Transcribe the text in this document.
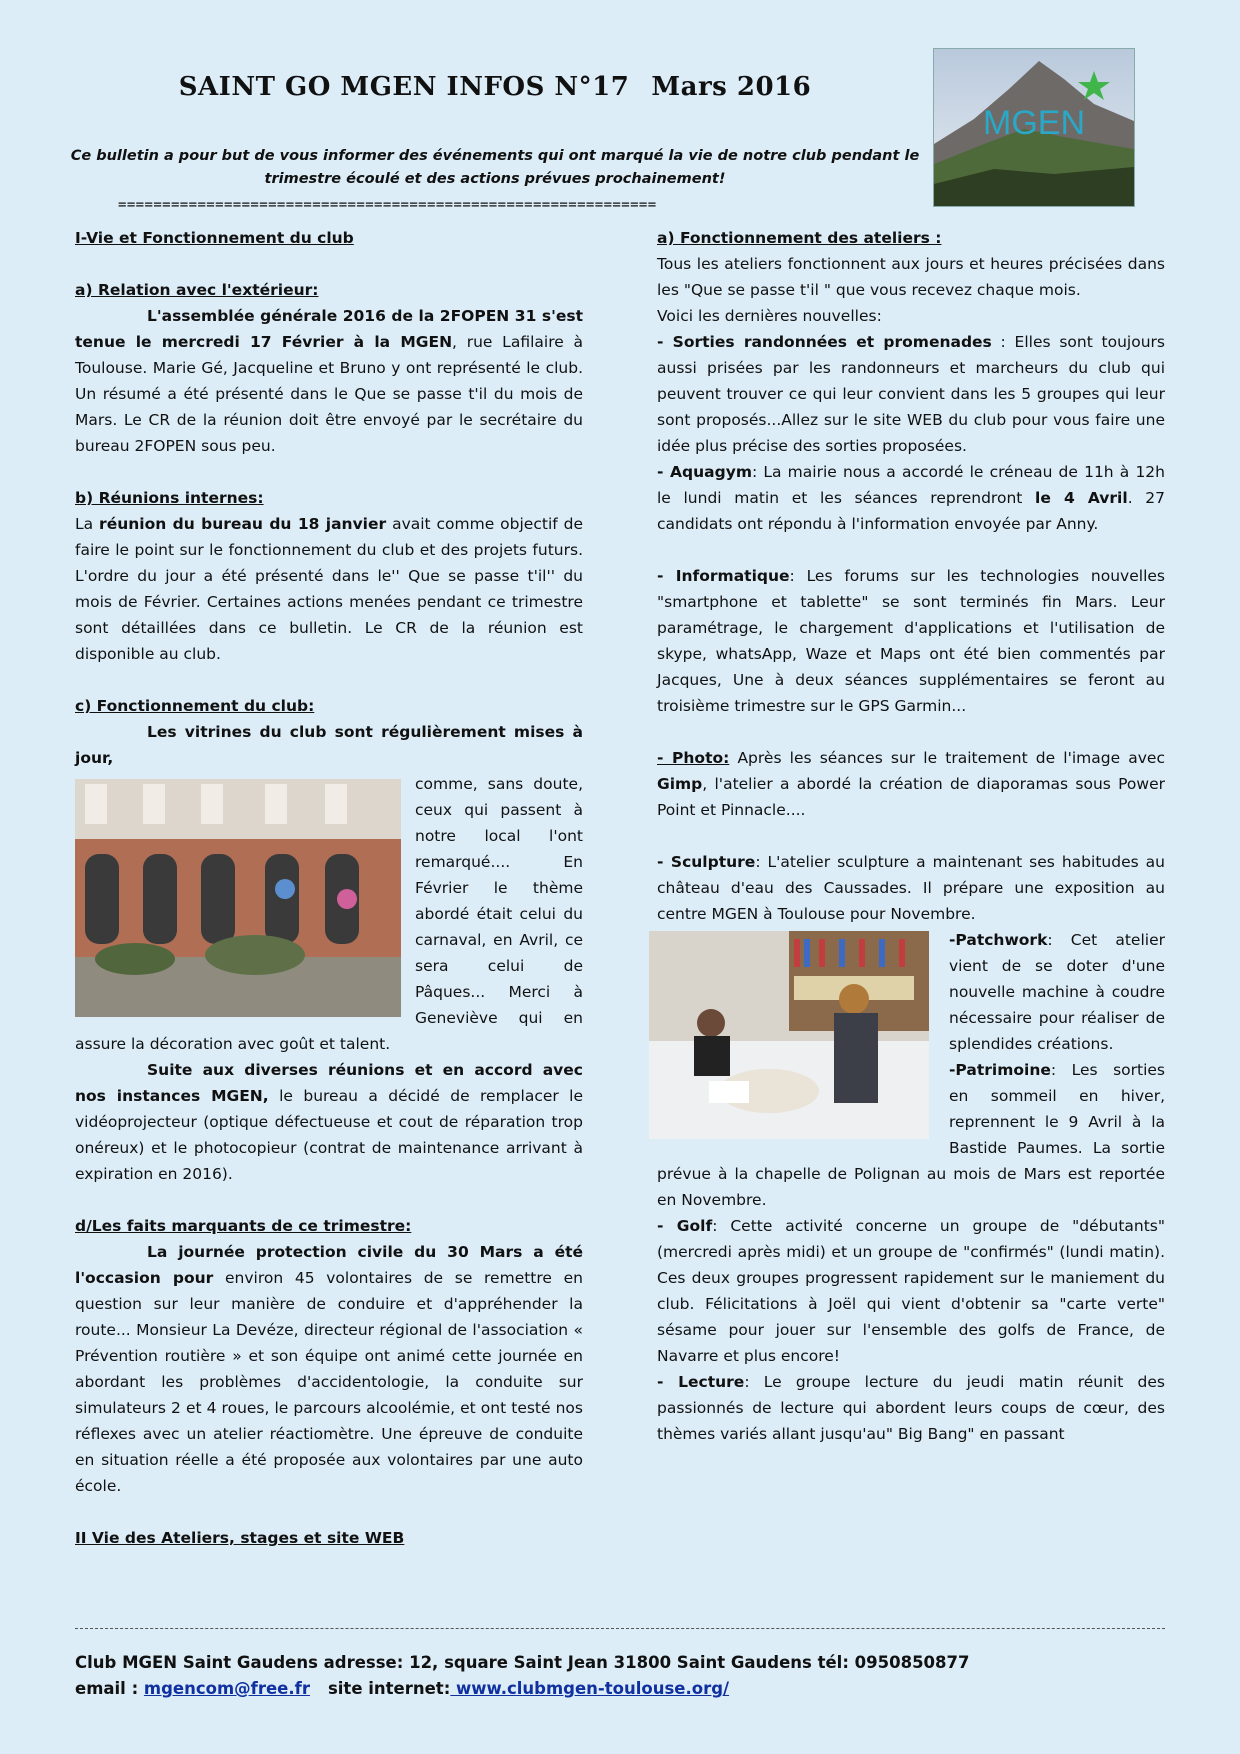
SAINT GO MGEN INFOS N°17 Mars 2016
MGEN
Ce bulletin a pour but de vous informer des événements qui ont marqué la vie de notre club pendant le trimestre écoulé et des actions prévues prochainement!
=============================================================

I-Vie et Fonctionnement du club

a) Relation avec l'extérieur:

L'assemblée générale 2016 de la 2FOPEN 31 s'est tenue le mercredi 17 Février à la MGEN, rue Lafilaire à Toulouse. Marie Gé, Jacqueline et Bruno y ont représenté le club. Un résumé a été présenté dans le Que se passe t'il du mois de Mars. Le CR de la réunion doit être envoyé par le secrétaire du bureau 2FOPEN sous peu.

b) Réunions internes:

La réunion du bureau du 18 janvier avait comme objectif de faire le point sur le fonctionnement du club et des projets futurs. L'ordre du jour a été présenté dans le'' Que se passe t'il'' du mois de Février. Certaines actions menées pendant ce trimestre sont détaillées dans ce bulletin. Le CR de la réunion est disponible au club.

c) Fonctionnement du club:

Les vitrines du club sont régulièrement mises à jour,

comme, sans doute, ceux qui passent à notre local l'ont remarqué.... En Février le thème abordé était celui du carnaval, en Avril, ce sera celui de Pâques... Merci à Geneviève qui en assure la décoration avec goût et talent.

Suite aux diverses réunions et en accord avec nos instances MGEN, le bureau a décidé de remplacer le vidéoprojecteur (optique défectueuse et cout de réparation trop onéreux) et le photocopieur (contrat de maintenance arrivant à expiration en 2016).

d/Les faits marquants de ce trimestre:

La journée protection civile du 30 Mars a été l'occasion pour environ 45 volontaires de se remettre en question sur leur manière de conduire et d'appréhender la route... Monsieur La Devéze, directeur régional de l'association « Prévention routière » et son équipe ont animé cette journée en abordant les problèmes d'accidentologie, la conduite sur simulateurs 2 et 4 roues, le parcours alcoolémie, et ont testé nos réflexes avec un atelier réactiomètre. Une épreuve de conduite en situation réelle a été proposée aux volontaires par une auto école.

II Vie des Ateliers, stages et site WEB

a) Fonctionnement des ateliers :

Tous les ateliers fonctionnent aux jours et heures précisées dans les "Que se passe t'il " que vous recevez chaque mois.

Voici les dernières nouvelles:

- Sorties randonnées et promenades : Elles sont toujours aussi prisées par les randonneurs et marcheurs du club qui peuvent trouver ce qui leur convient dans les 5 groupes qui leur sont proposés...Allez sur le site WEB du club pour vous faire une idée plus précise des sorties proposées.

- Aquagym: La mairie nous a accordé le créneau de 11h à 12h le lundi matin et les séances reprendront le 4 Avril. 27 candidats ont répondu à l'information envoyée par Anny.

- Informatique: Les forums sur les technologies nouvelles "smartphone et tablette" se sont terminés fin Mars. Leur paramétrage, le chargement d'applications et l'utilisation de skype, whatsApp, Waze et Maps ont été bien commentés par Jacques, Une à deux séances supplémentaires se feront au troisième trimestre sur le GPS Garmin...

- Photo: Après les séances sur le traitement de l'image avec Gimp, l'atelier a abordé la création de diaporamas sous Power Point et Pinnacle....

- Sculpture: L'atelier sculpture a maintenant ses habitudes au château d'eau des Caussades. Il prépare une exposition au centre MGEN à Toulouse pour Novembre.

-Patchwork: Cet atelier vient de se doter d'une nouvelle machine à coudre nécessaire pour réaliser de splendides créations.

-Patrimoine: Les sorties en sommeil en hiver, reprennent le 9 Avril à la Bastide Paumes. La sortie prévue à la chapelle de Polignan au mois de Mars est reportée en Novembre.

- Golf: Cette activité concerne un groupe de "débutants" (mercredi après midi) et un groupe de "confirmés" (lundi matin). Ces deux groupes progressent rapidement sur le maniement du club. Félicitations à Joël qui vient d'obtenir sa "carte verte" sésame pour jouer sur l'ensemble des golfs de France, de Navarre et plus encore!

- Lecture: Le groupe lecture du jeudi matin réunit des passionnés de lecture qui abordent leurs coups de cœur, des thèmes variés allant jusqu'au" Big Bang" en passant

Club MGEN Saint Gaudens adresse: 12, square Saint Jean 31800 Saint Gaudens tél: 0950850877
email : mgencom@free.fr site internet: www.clubmgen-toulouse.org/
